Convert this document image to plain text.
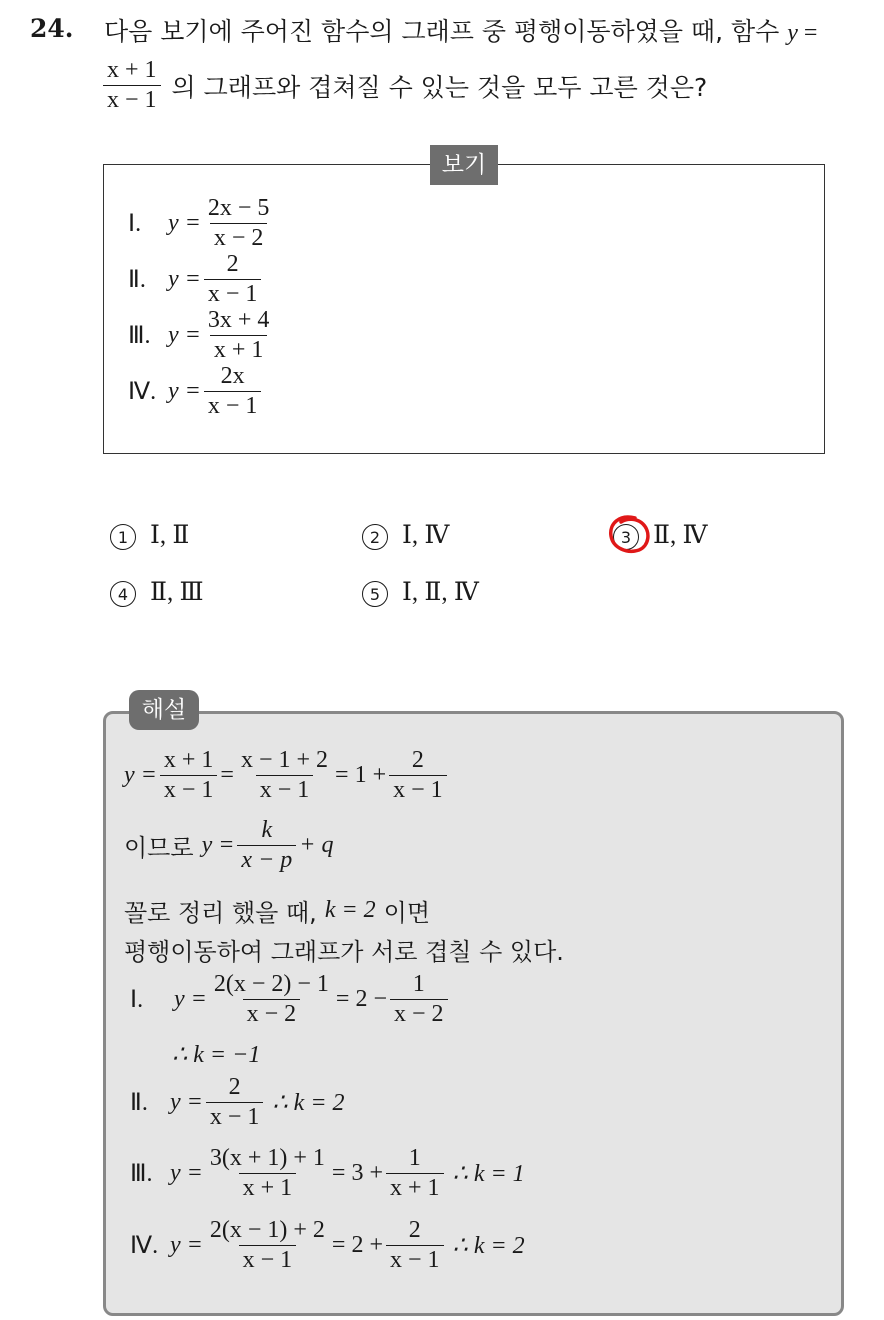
24. 다음 보기에 주어진 함수의 그래프 중 평행이동하였을 때, 함수 y =
$\frac{x + 1}{x - 1}$ 의 그래프와 겹쳐질 수 있는 것을 모두 고른 것은?
보기
Ⅰ.	$y = \frac{2x - 5}{x - 2}$
Ⅱ. $y = \frac{2}{x - 1}$
Ⅲ. $y = \frac{3x + 4}{x + 1}$
Ⅳ. $y = \frac{2x}{x - 1}$
1 Ⅰ, Ⅱ	2 Ⅰ, Ⅳ	3 Ⅱ, Ⅳ
4 Ⅱ, Ⅲ	5 Ⅰ, Ⅱ, Ⅳ
해설
$y = \frac{x + 1}{x - 1} = \frac{x - 1 + 2}{x - 1} = 1 + \frac{2}{x - 1}$
이므로 $y = \frac{k}{x - p} + q$
꼴로 정리 했을 때, k = 2 이면
평행이동하여 그래프가 서로 겹칠 수 있다.
Ⅰ.	$y = \frac{2(x - 2) - 1}{x - 2} = 2 - \frac{1}{x - 2}$
∴ k = −1
Ⅱ. $y = \frac{2}{x - 1}$ ∴ k = 2
Ⅲ. $y = \frac{3(x + 1) + 1}{x + 1} = 3 + \frac{1}{x + 1}$ ∴ k = 1
Ⅳ. $y = \frac{2(x - 1) + 2}{x - 1} = 2 + \frac{2}{x - 1}$ ∴ k = 2
